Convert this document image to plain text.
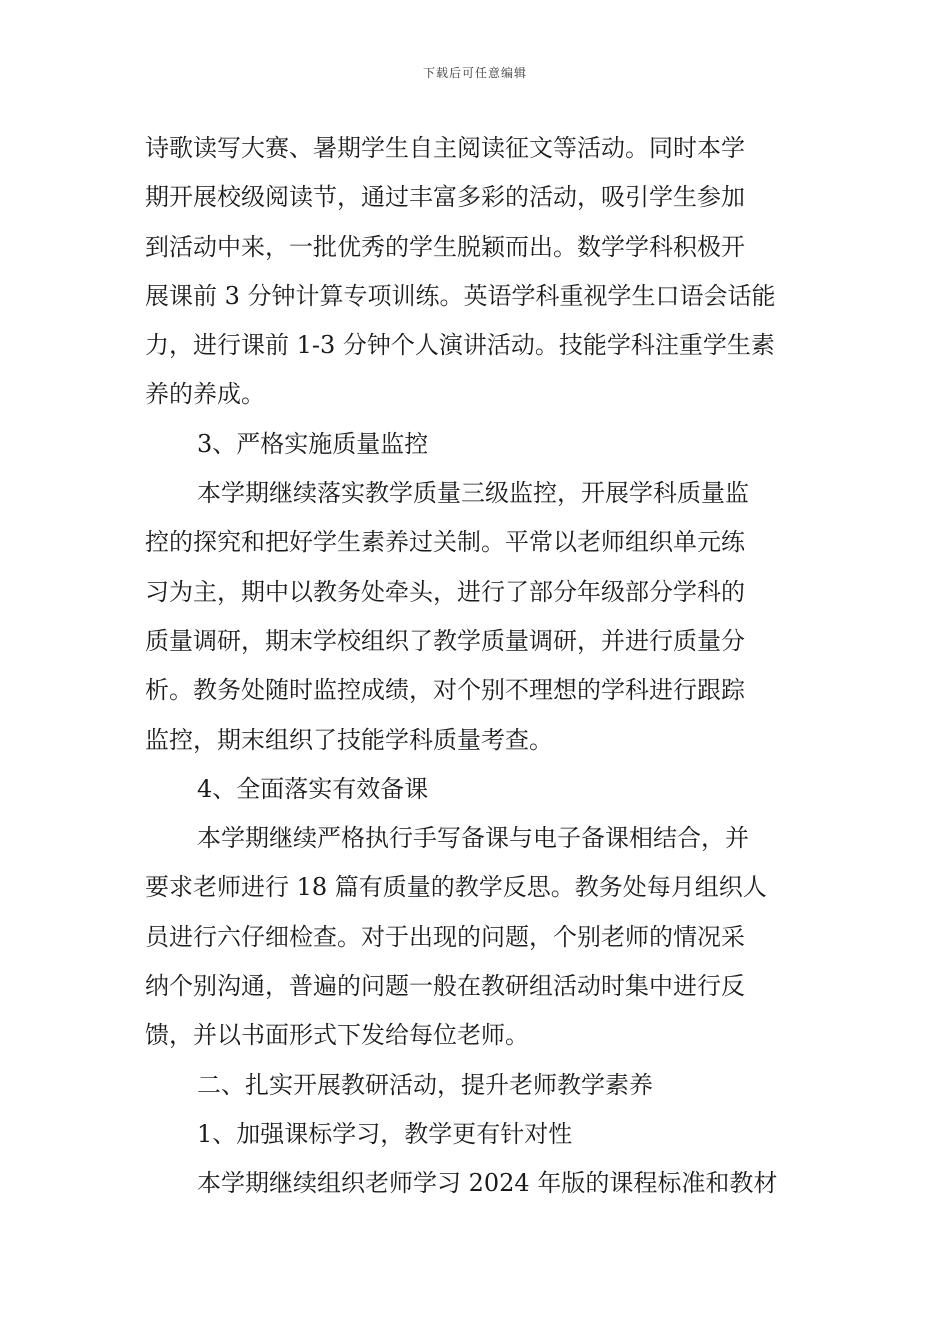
下载后可任意编辑
诗歌读写大赛、暑期学生自主阅读征文等活动。同时本学
期开展校级阅读节，通过丰富多彩的活动，吸引学生参加
到活动中来，一批优秀的学生脱颖而出。数学学科积极开
展课前 3 分钟计算专项训练。英语学科重视学生口语会话能
力，进行课前 1-3 分钟个人演讲活动。技能学科注重学生素
养的养成。
3、严格实施质量监控
本学期继续落实教学质量三级监控，开展学科质量监
控的探究和把好学生素养过关制。平常以老师组织单元练
习为主，期中以教务处牵头，进行了部分年级部分学科的
质量调研，期末学校组织了教学质量调研，并进行质量分
析。教务处随时监控成绩，对个别不理想的学科进行跟踪
监控，期末组织了技能学科质量考查。
4、全面落实有效备课
本学期继续严格执行手写备课与电子备课相结合，并
要求老师进行 18 篇有质量的教学反思。教务处每月组织人
员进行六仔细检查。对于出现的问题，个别老师的情况采
纳个别沟通，普遍的问题一般在教研组活动时集中进行反
馈，并以书面形式下发给每位老师。
二、扎实开展教研活动，提升老师教学素养
1、加强课标学习，教学更有针对性
本学期继续组织老师学习 2024 年版的课程标准和教材
